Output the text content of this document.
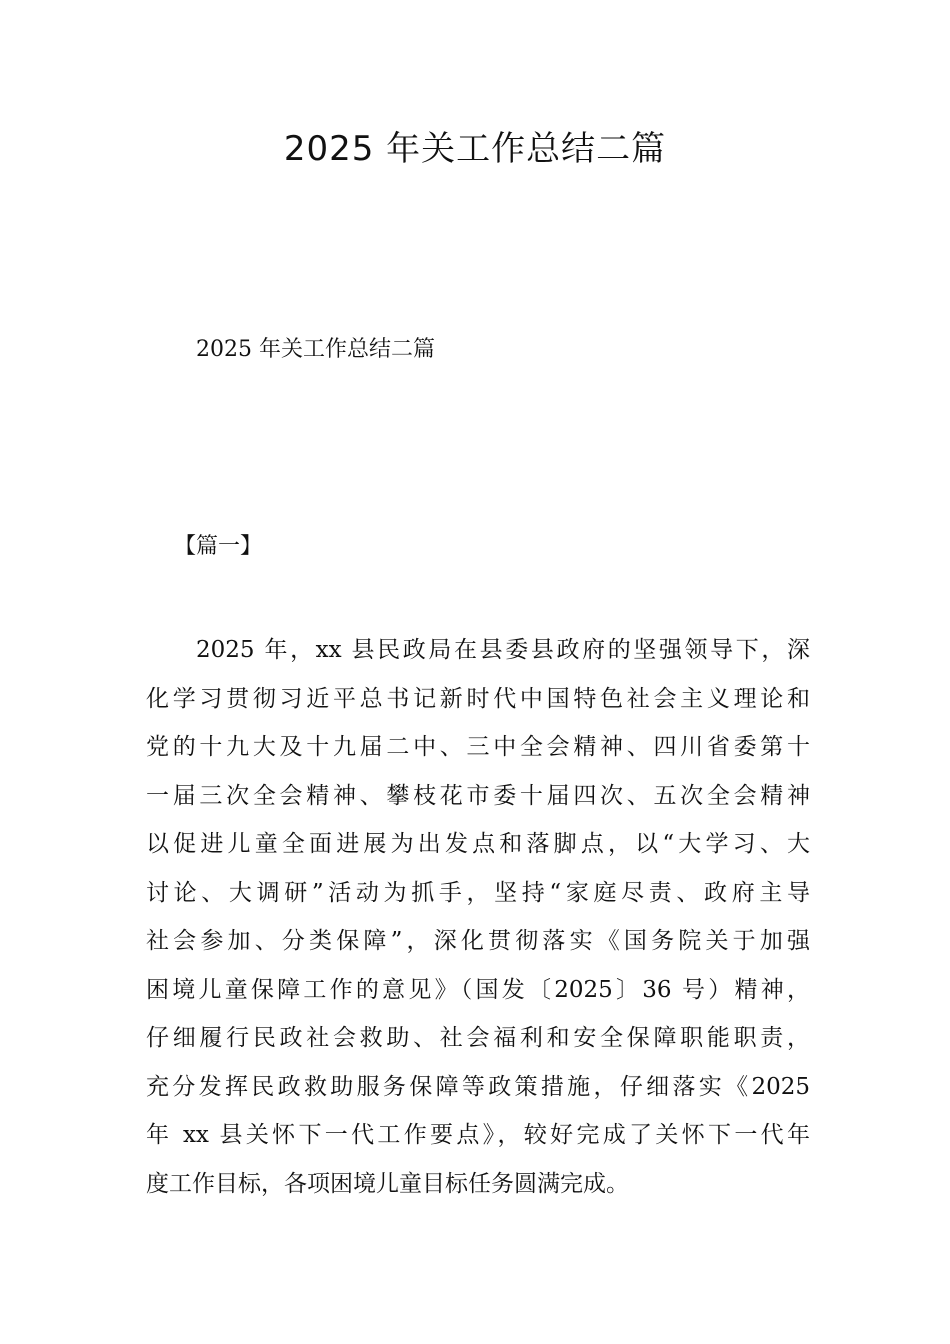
2025 年关工作总结二篇

2025 年关工作总结二篇

【篇一】

2025 年，xx 县民政局在县委县政府的坚强领导下，深
化学习贯彻习近平总书记新时代中国特色社会主义理论和
党的十九大及十九届二中、三中全会精神、四川省委第十
一届三次全会精神、攀枝花市委十届四次、五次全会精神
以促进儿童全面进展为出发点和落脚点，以“大学习、大
讨论、大调研”活动为抓手，坚持“家庭尽责、政府主导
社会参加、分类保障”，深化贯彻落实《国务院关于加强
困境儿童保障工作的意见》（国发〔2025〕36 号）精神，
仔细履行民政社会救助、社会福利和安全保障职能职责，
充分发挥民政救助服务保障等政策措施，仔细落实《2025
年 xx 县关怀下一代工作要点》，较好完成了关怀下一代年
度工作目标，各项困境儿童目标任务圆满完成。
